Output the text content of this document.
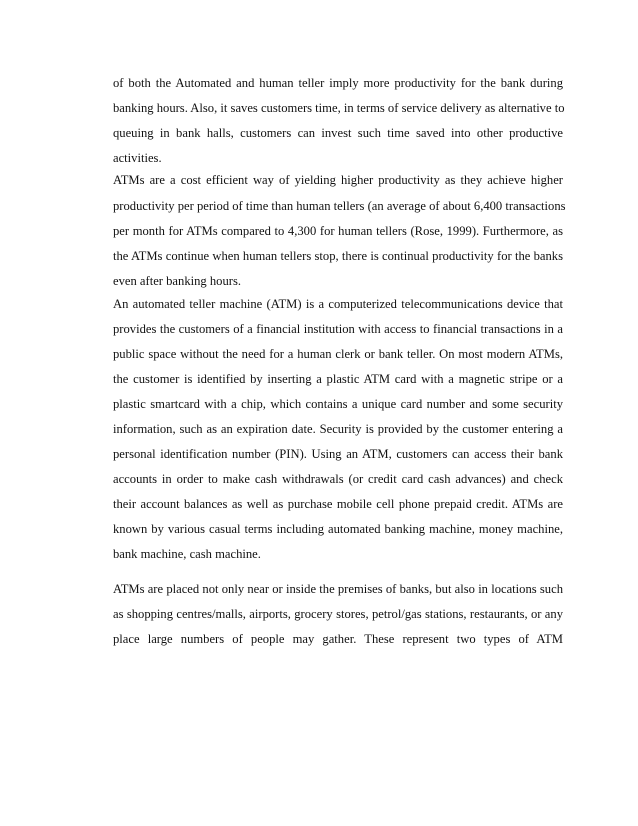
of both the Automated and human teller imply more productivity for the bank during
banking hours. Also, it saves customers time, in terms of service delivery as alternative to
queuing in bank halls, customers can invest such time saved into other productive
activities.
ATMs are a cost efficient way of yielding higher productivity as they achieve higher
productivity per period of time than human tellers (an average of about 6,400 transactions
per month for ATMs compared to 4,300 for human tellers (Rose, 1999). Furthermore, as
the ATMs continue when human tellers stop, there is continual productivity for the banks
even after banking hours.
An automated teller machine (ATM) is a computerized telecommunications device that
provides the customers of a financial institution with access to financial transactions in a
public space without the need for a human clerk or bank teller. On most modern ATMs,
the customer is identified by inserting a plastic ATM card with a magnetic stripe or a
plastic smartcard with a chip, which contains a unique card number and some security
information, such as an expiration date. Security is provided by the customer entering a
personal identification number (PIN). Using an ATM, customers can access their bank
accounts in order to make cash withdrawals (or credit card cash advances) and check
their account balances as well as purchase mobile cell phone prepaid credit. ATMs are
known by various casual terms including automated banking machine, money machine,
bank machine, cash machine.
ATMs are placed not only near or inside the premises of banks, but also in locations such
as shopping centres/malls, airports, grocery stores, petrol/gas stations, restaurants, or any
place large numbers of people may gather. These represent two types of ATM
